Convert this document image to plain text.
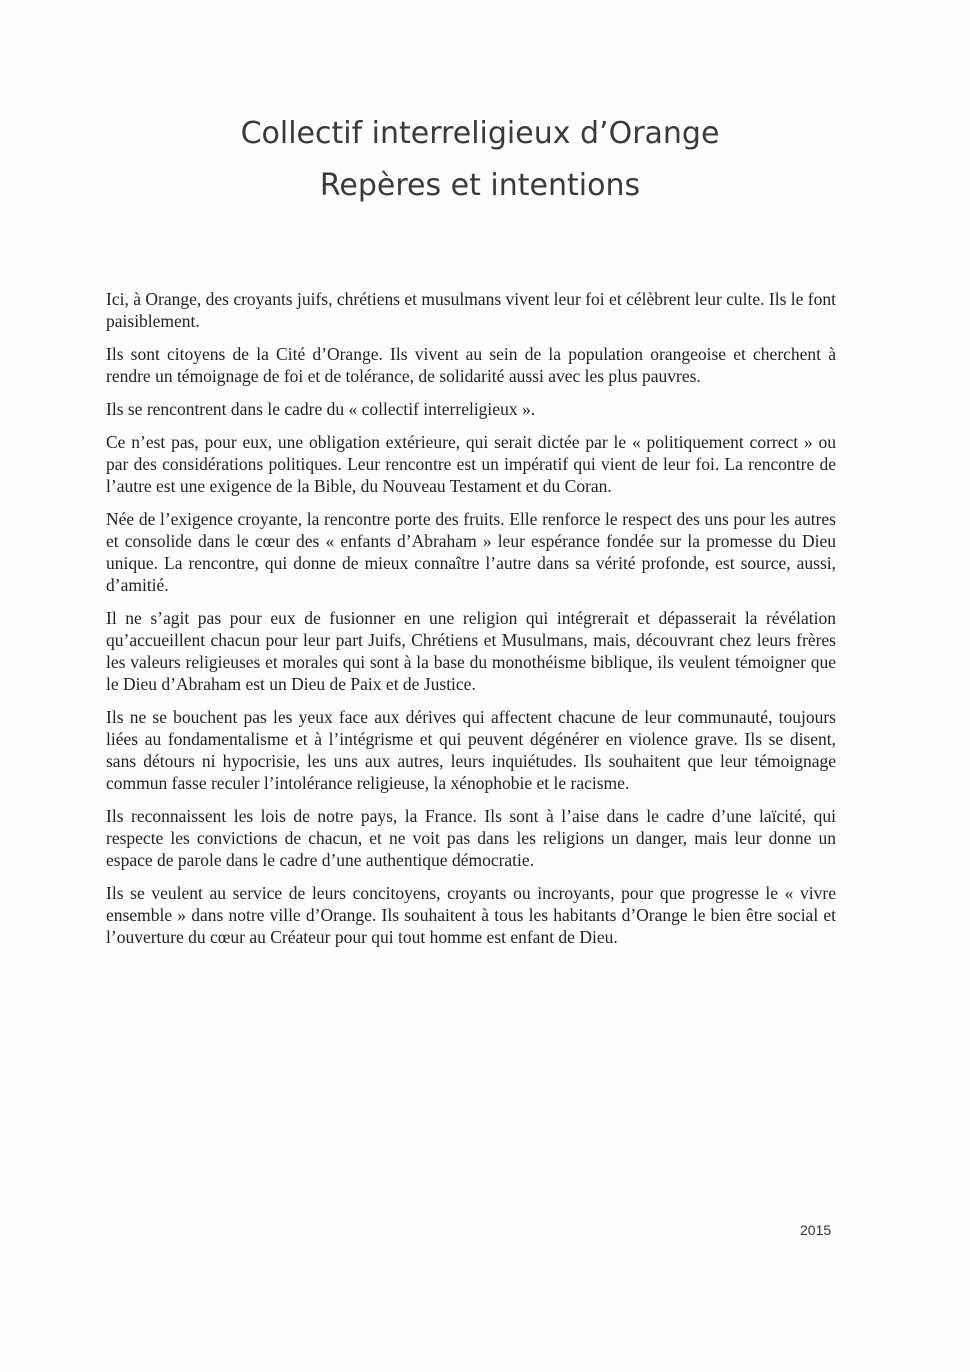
Collectif interreligieux d’Orange
Repères et intentions

Ici, à Orange, des croyants juifs, chrétiens et musulmans vivent leur foi et célèbrent leur culte. Ils le font paisiblement.

Ils sont citoyens de la Cité d’Orange. Ils vivent au sein de la population orangeoise et cherchent à rendre un témoignage de foi et de tolérance, de solidarité aussi avec les plus pauvres.

Ils se rencontrent dans le cadre du « collectif interreligieux ».

Ce n’est pas, pour eux, une obligation extérieure, qui serait dictée par le « politiquement correct » ou par des considérations politiques. Leur rencontre est un impératif qui vient de leur foi. La rencontre de l’autre est une exigence de la Bible, du Nouveau Testament et du Coran.

Née de l’exigence croyante, la rencontre porte des fruits. Elle renforce le respect des uns pour les autres et consolide dans le cœur des « enfants d’Abraham » leur espérance fondée sur la promesse du Dieu unique. La rencontre, qui donne de mieux connaître l’autre dans sa vérité profonde, est source, aussi, d’amitié.

Il ne s’agit pas pour eux de fusionner en une religion qui intégrerait et dépasserait la révélation qu’accueillent chacun pour leur part Juifs, Chrétiens et Musulmans, mais, découvrant chez leurs frères les valeurs religieuses et morales qui sont à la base du monothéisme biblique, ils veulent témoigner que le Dieu d’Abraham est un Dieu de Paix et de Justice.

Ils ne se bouchent pas les yeux face aux dérives qui affectent chacune de leur communauté, toujours liées au fondamentalisme et à l’intégrisme et qui peuvent dégénérer en violence grave. Ils se disent, sans détours ni hypocrisie, les uns aux autres, leurs inquiétudes. Ils souhaitent que leur témoignage commun fasse reculer l’intolérance religieuse, la xénophobie et le racisme.

Ils reconnaissent les lois de notre pays, la France. Ils sont à l’aise dans le cadre d’une laïcité, qui respecte les convictions de chacun, et ne voit pas dans les religions un danger, mais leur donne un espace de parole dans le cadre d’une authentique démocratie.

Ils se veulent au service de leurs concitoyens, croyants ou incroyants, pour que progresse le « vivre ensemble » dans notre ville d’Orange. Ils souhaitent à tous les habitants d’Orange le bien être social et l’ouverture du cœur au Créateur pour qui tout homme est enfant de Dieu.

2015
